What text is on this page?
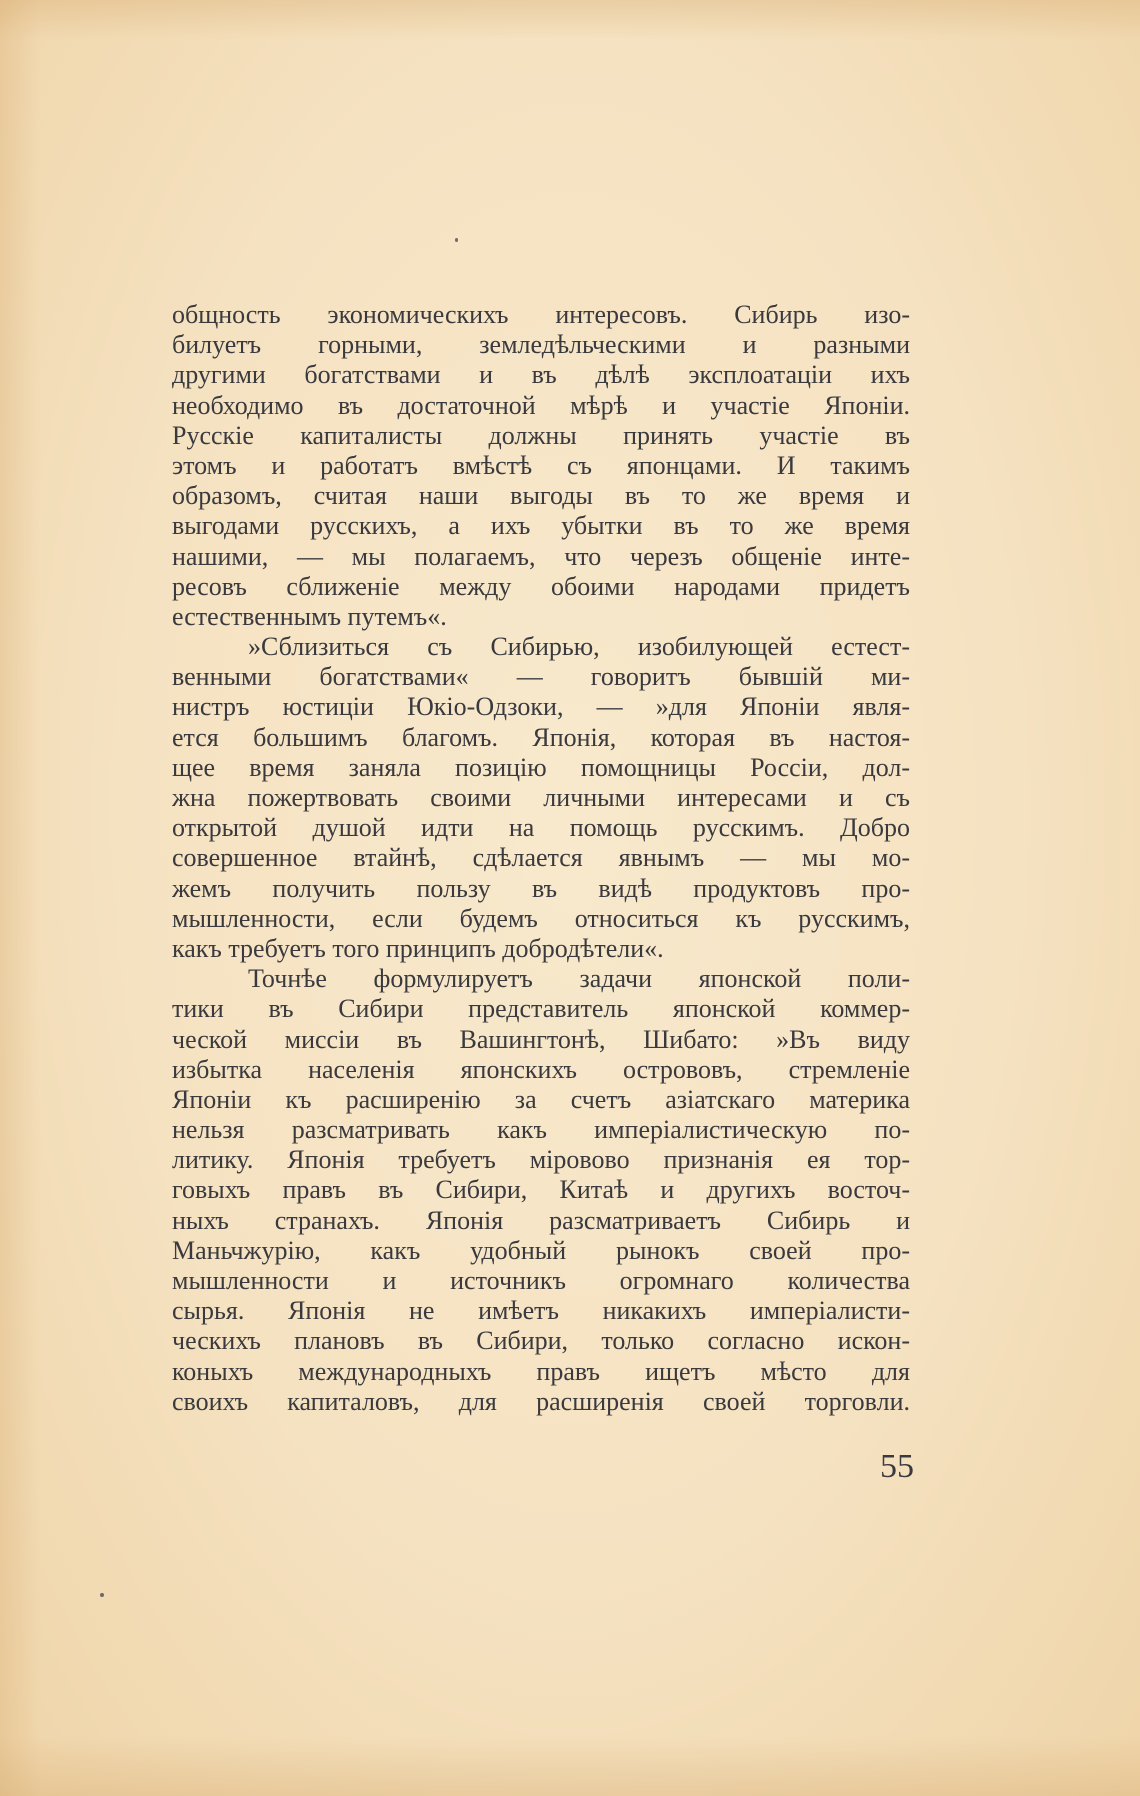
общность экономическихъ интересовъ. Сибирь изо-
билуетъ горными, земледѣльческими и разными
другими богатствами и въ дѣлѣ эксплоатаціи ихъ
необходимо въ достаточной мѣрѣ и участіе Японіи.
Русскіе капиталисты должны принять участіе въ
этомъ и работатъ вмѣстѣ съ японцами. И такимъ
образомъ, считая наши выгоды въ то же время и
выгодами русскихъ, а ихъ убытки въ то же время
нашими, — мы полагаемъ, что черезъ общеніе инте-
ресовъ сближеніе между обоими народами придетъ
естественнымъ путемъ«.
»Сблизиться съ Сибирью, изобилующей естест-
венными богатствами« — говоритъ бывшій ми-
нистръ юстиціи Юкіо-Одзоки, — »для Японіи явля-
ется большимъ благомъ. Японія, которая въ настоя-
щее время заняла позицію помощницы Россіи, дол-
жна пожертвовать своими личными интересами и съ
открытой душой идти на помощь русскимъ. Добро
совершенное втайнѣ, сдѣлается явнымъ — мы мо-
жемъ получить пользу въ видѣ продуктовъ про-
мышленности, если будемъ относиться къ русскимъ,
какъ требуетъ того принципъ добродѣтели«.
Точнѣе формулируетъ задачи японской поли-
тики въ Сибири представитель японской коммер-
ческой миссіи въ Вашингтонѣ, Шибато: »Въ виду
избытка населенія японскихъ острововъ, стремленіе
Японіи къ расширенію за счетъ азіатскаго материка
нельзя разсматривать какъ имперіалистическую по-
литику. Японія требуетъ міровово признанія ея тор-
говыхъ правъ въ Сибири, Китаѣ и другихъ восточ-
ныхъ странахъ. Японія разсматриваетъ Сибирь и
Маньчжурію, какъ удобный рынокъ своей про-
мышленности и источникъ огромнаго количества
сырья. Японія не имѣетъ никакихъ имперіалисти-
ческихъ плановъ въ Сибири, только согласно искон-
коныхъ международныхъ правъ ищетъ мѣсто для
своихъ капиталовъ, для расширенія своей торговли.
55
